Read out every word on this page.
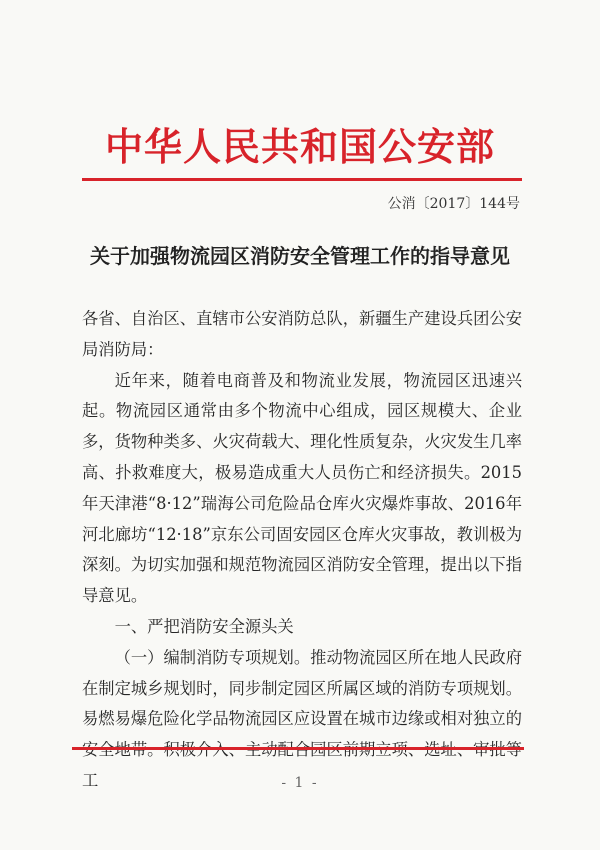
中华人民共和国公安部
公消〔2017〕144号
关于加强物流园区消防安全管理工作的指导意见

各省、自治区、直辖市公安消防总队，新疆生产建设兵团公安局消防局：

近年来，随着电商普及和物流业发展，物流园区迅速兴起。物流园区通常由多个物流中心组成，园区规模大、企业多，货物种类多、火灾荷载大、理化性质复杂，火灾发生几率高、扑救难度大，极易造成重大人员伤亡和经济损失。2015年天津港“8·12”瑞海公司危险品仓库火灾爆炸事故、2016年河北廊坊“12·18”京东公司固安园区仓库火灾事故，教训极为深刻。为切实加强和规范物流园区消防安全管理，提出以下指导意见。

一、严把消防安全源头关

（一）编制消防专项规划。推动物流园区所在地人民政府在制定城乡规划时，同步制定园区所属区域的消防专项规划。易燃易爆危险化学品物流园区应设置在城市边缘或相对独立的 工	- 1 -
